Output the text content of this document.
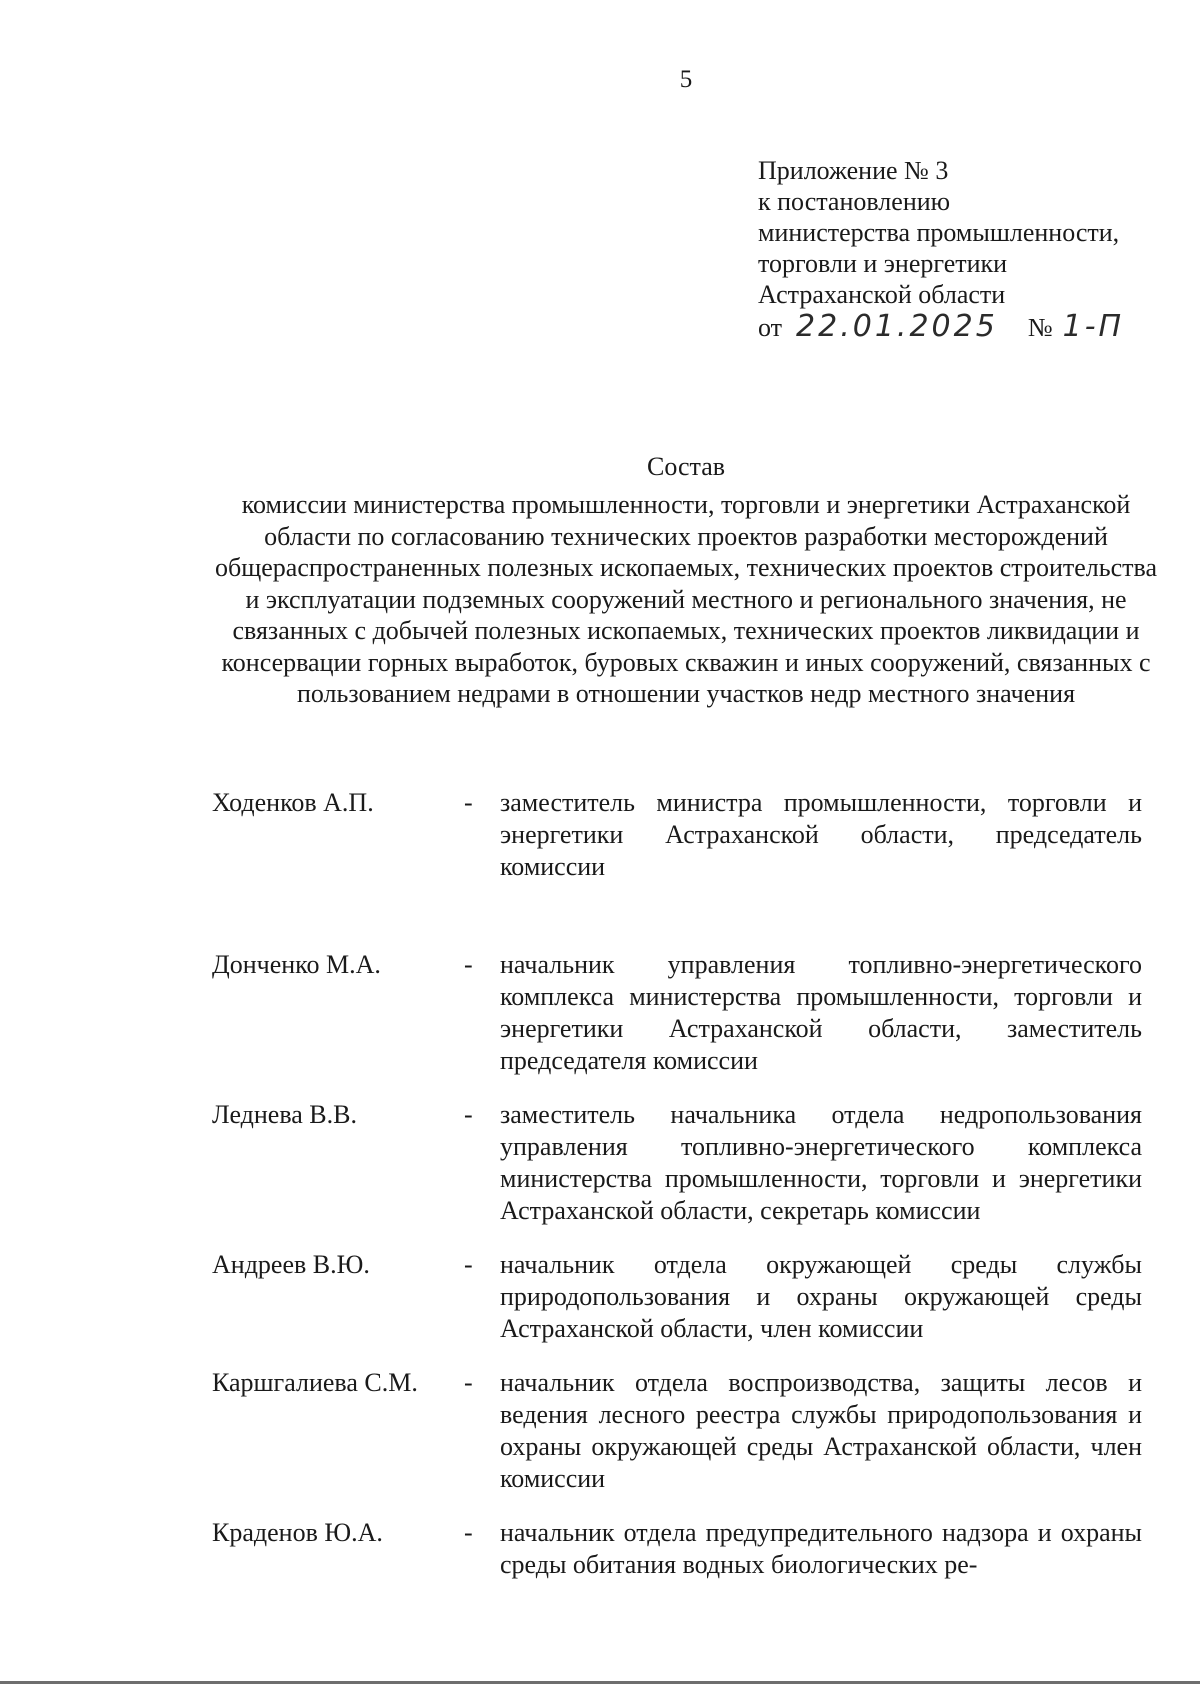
5
Приложение № 3
к постановлению
министерства промышленности,
торговли и энергетики
Астраханской области
от 22.01.2025 № 1-П
Состав
комиссии министерства промышленности, торговли и энергетики Астраханской области по согласованию технических проектов разработки месторождений общераспространенных полезных ископаемых, технических проектов строительства и эксплуатации подземных сооружений местного и регионального значения, не связанных с добычей полезных ископаемых, технических проектов ликвидации и консервации горных выработок, буровых скважин и иных сооружений, связанных с пользованием недрами в отношении участков недр местного значения
Ходенков А.П.	-	заместитель министра промышленности, торговли и энергетики Астраханской области, председатель комиссии
Донченко М.А.	-	начальник управления топливно-энергетического комплекса министерства промышленности, торговли и энергетики Астраханской области, заместитель председателя комиссии
Леднева В.В.	-	заместитель начальника отдела недропользования управления топливно-энергетического комплекса министерства промышленности, торговли и энергетики Астраханской области, секретарь комиссии
Андреев В.Ю.	-	начальник отдела окружающей среды службы природопользования и охраны окружающей среды Астраханской области, член комиссии
Каршгалиева С.М.	-	начальник отдела воспроизводства, защиты лесов и ведения лесного реестра службы природопользования и охраны окружающей среды Астраханской области, член комиссии
Краденов Ю.А.	-	начальник отдела предупредительного надзора и охраны среды обитания водных биологических ре-
